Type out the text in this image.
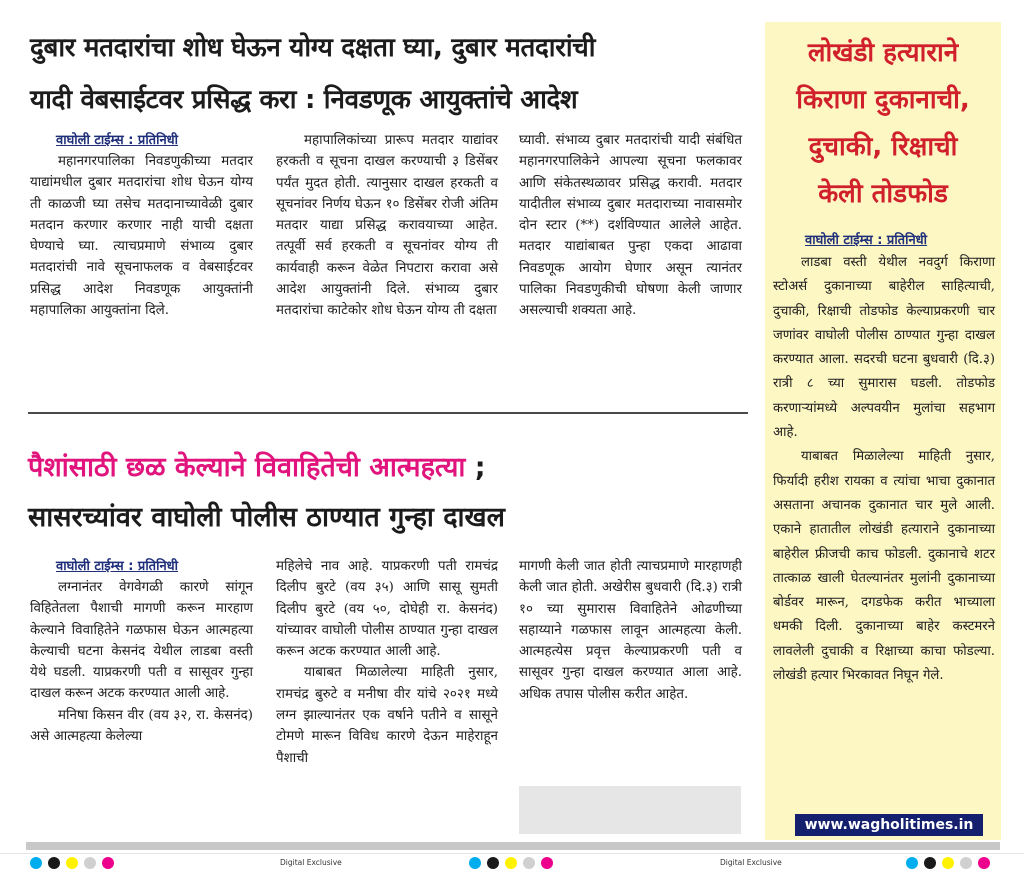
दुबार मतदारांचा शोध घेऊन योग्य दक्षता घ्या, दुबार मतदारांची
यादी वेबसाईटवर प्रसिद्ध करा : निवडणूक आयुक्तांचे आदेश
वाघोली टाईम्स : प्रतिनिधी

महानगरपालिका निवडणुकीच्या मतदार याद्यांमधील दुबार मतदारांचा शोध घेऊन योग्य ती काळजी घ्या तसेच मतदानाच्यावेळी दुबार मतदान करणार करणार नाही याची दक्षता घेण्याचे घ्या. त्याचप्रमाणे संभाव्य दुबार मतदारांची नावे सूचनाफलक व वेबसाईटवर प्रसिद्ध आदेश निवडणूक आयुक्तांनी महापालिका आयुक्तांना दिले.

महापालिकांच्या प्रारूप मतदार याद्यांवर हरकती व सूचना दाखल करण्याची ३ डिसेंबर पर्यंत मुदत होती. त्यानुसार दाखल हरकती व सूचनांवर निर्णय घेऊन १० डिसेंबर रोजी अंतिम मतदार याद्या प्रसिद्ध करावयाच्या आहेत. तत्पूर्वी सर्व हरकती व सूचनांवर योग्य ती कार्यवाही करून वेळेत निपटारा करावा असे आदेश आयुक्तांनी दिले. संभाव्य दुबार मतदारांचा काटेकोर शोध घेऊन योग्य ती दक्षता

घ्यावी. संभाव्य दुबार मतदारांची यादी संबंधित महानगरपालिकेने आपल्या सूचना फलकावर आणि संकेतस्थळावर प्रसिद्ध करावी. मतदार यादीतील संभाव्य दुबार मतदाराच्या नावासमोर दोन स्टार (**) दर्शविण्यात आलेले आहेत. मतदार याद्यांबाबत पुन्हा एकदा आढावा निवडणूक आयोग घेणार असून त्यानंतर पालिका निवडणुकीची घोषणा केली जाणार असल्याची शक्यता आहे.

पैशांसाठी छळ केल्याने विवाहितेची आत्महत्या ;
सासरच्यांवर वाघोली पोलीस ठाण्यात गुन्हा दाखल
वाघोली टाईम्स : प्रतिनिधी

लग्नानंतर वेगवेगळी कारणे सांगून विहितेतला पैशाची मागणी करून मारहाण केल्याने विवाहितेने गळफास घेऊन आत्महत्या केल्याची घटना केसनंद येथील लाडबा वस्ती येथे घडली. याप्रकरणी पती व सासूवर गुन्हा दाखल करून अटक करण्यात आली आहे.

मनिषा किसन वीर (वय ३२, रा. केसनंद) असे आत्महत्या केलेल्या

महिलेचे नाव आहे. याप्रकरणी पती रामचंद्र दिलीप बुरटे (वय ३५) आणि सासू सुमती दिलीप बुरटे (वय ५०, दोघेही रा. केसनंद) यांच्यावर वाघोली पोलीस ठाण्यात गुन्हा दाखल करून अटक करण्यात आली आहे.

याबाबत मिळालेल्या माहिती नुसार, रामचंद्र बुरुटे व मनीषा वीर यांचे २०२१ मध्ये लग्न झाल्यानंतर एक वर्षाने पतीने व सासूने टोमणे मारून विविध कारणे देऊन माहेराहून पैशाची

मागणी केली जात होती त्याचप्रमाणे मारहाणही केली जात होती. अखेरीस बुधवारी (दि.३) रात्री १० च्या सुमारास विवाहितेने ओढणीच्या सहाय्याने गळफास लावून आत्महत्या केली. आत्महत्येस प्रवृत्त केल्याप्रकरणी पती व सासूवर गुन्हा दाखल करण्यात आला आहे. अधिक तपास पोलीस करीत आहेत.

लोखंडी हत्याराने
किराणा दुकानाची,
दुचाकी, रिक्षाची
केली तोडफोड
वाघोली टाईम्स : प्रतिनिधी

लाडबा वस्ती येथील नवदुर्ग किराणा स्टोअर्स दुकानाच्या बाहेरील साहित्याची, दुचाकी, रिक्षाची तोडफोड केल्याप्रकरणी चार जणांवर वाघोली पोलीस ठाण्यात गुन्हा दाखल करण्यात आला. सदरची घटना बुधवारी (दि.३) रात्री ८ च्या सुमारास घडली. तोडफोड करणाऱ्यांमध्ये अल्पवयीन मुलांचा सहभाग आहे.

याबाबत मिळालेल्या माहिती नुसार, फिर्यादी हरीश रायका व त्यांचा भाचा दुकानात असताना अचानक दुकानात चार मुले आली. एकाने हातातील लोखंडी हत्याराने दुकानाच्या बाहेरील फ्रीजची काच फोडली. दुकानाचे शटर तात्काळ खाली घेतल्यानंतर मुलांनी दुकानाच्या बोर्डवर मारून, दगडफेक करीत भाच्याला धमकी दिली. दुकानाच्या बाहेर कस्टमरने लावलेली दुचाकी व रिक्षाच्या काचा फोडल्या. लोखंडी हत्यार भिरकावत निघून गेले.

www.wagholitimes.in
Digital Exclusive	Digital Exclusive
